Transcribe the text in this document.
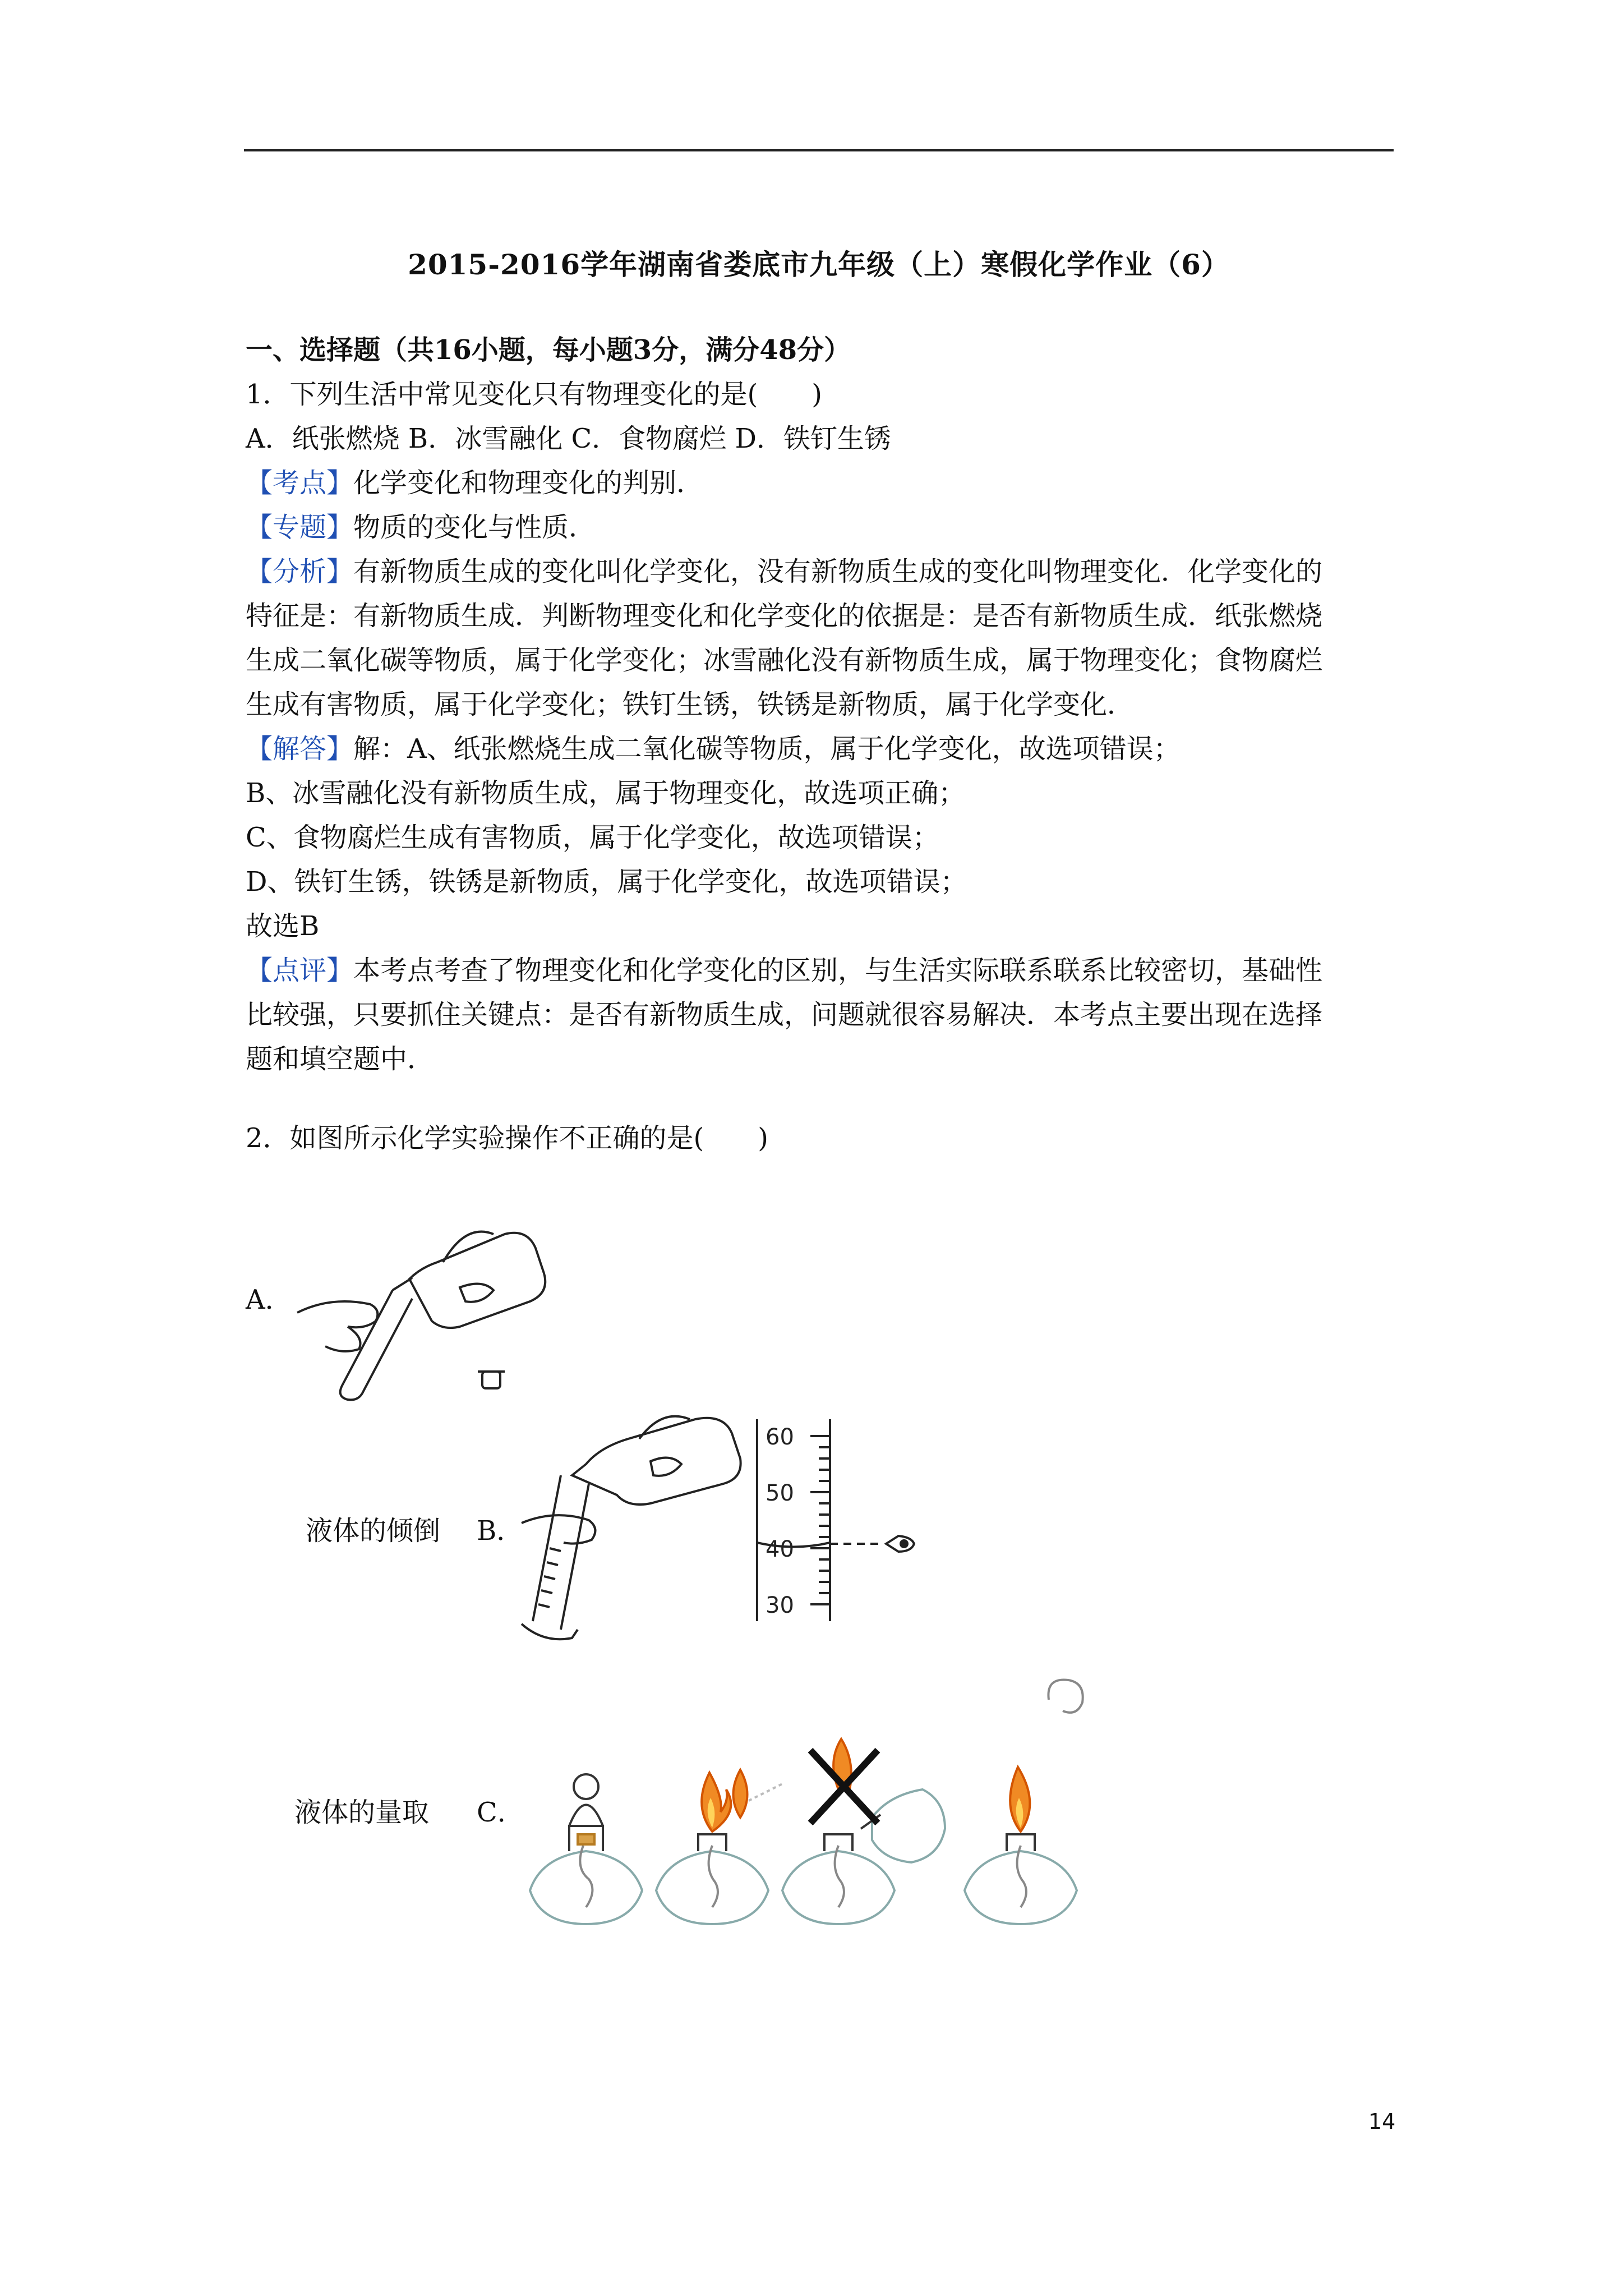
2015-2016学年湖南省娄底市九年级（上）寒假化学作业（6）
一、选择题（共16小题，每小题3分，满分48分）
1．下列生活中常见变化只有物理变化的是(　　)
A．纸张燃烧 B．冰雪融化 C．食物腐烂 D．铁钉生锈
【考点】化学变化和物理变化的判别．
【专题】物质的变化与性质．
【分析】有新物质生成的变化叫化学变化，没有新物质生成的变化叫物理变化．化学变化的
特征是：有新物质生成．判断物理变化和化学变化的依据是：是否有新物质生成．纸张燃烧
生成二氧化碳等物质，属于化学变化；冰雪融化没有新物质生成，属于物理变化；食物腐烂
生成有害物质，属于化学变化；铁钉生锈，铁锈是新物质，属于化学变化．
【解答】解：A、纸张燃烧生成二氧化碳等物质，属于化学变化，故选项错误；
B、冰雪融化没有新物质生成，属于物理变化，故选项正确；
C、食物腐烂生成有害物质，属于化学变化，故选项错误；
D、铁钉生锈，铁锈是新物质，属于化学变化，故选项错误；
故选B
【点评】本考点考查了物理变化和化学变化的区别，与生活实际联系联系比较密切，基础性
比较强，只要抓住关键点：是否有新物质生成，问题就很容易解决．本考点主要出现在选择
题和填空题中．
2．如图所示化学实验操作不正确的是(　　)
A．
液体的倾倒 B．
60
50
40
30
液体的量取 C．
14
